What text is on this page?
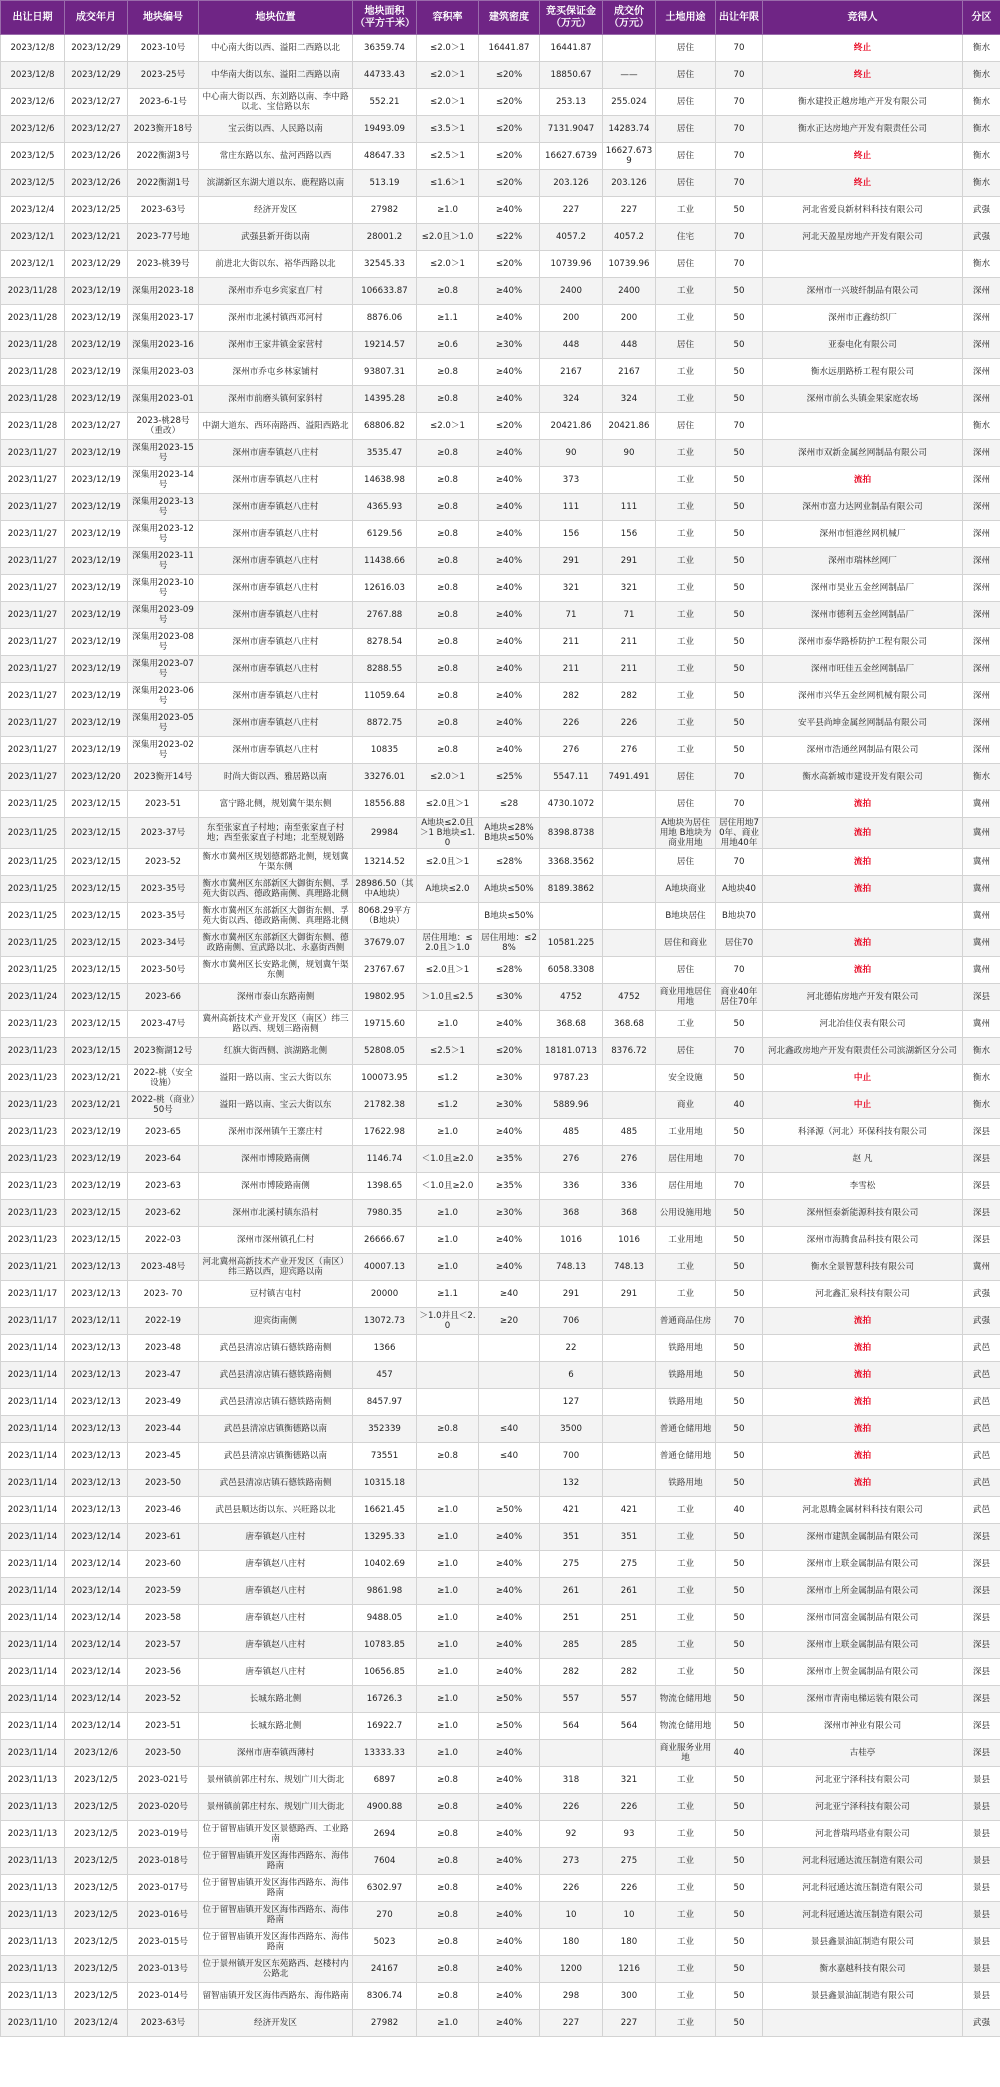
出让日期	成交年月	地块编号	地块位置	地块面积（平方千米）	容积率	建筑密度	竞买保证金（万元）	成交价（万元）	土地用途	出让年限	竞得人	分区
2023/12/8	2023/12/29	2023-10号	中心南大街以西、溢阳二西路以北	36359.74	≤2.0＞1	16441.87	16441.87		居住	70	终止	衡水
2023/12/8	2023/12/29	2023-25号	中华南大街以东、溢阳二西路以南	44733.43	≤2.0＞1	≤20%	18850.67	——	居住	70	终止	衡水
2023/12/6	2023/12/27	2023-6-1号	中心南大街以西、东刘路以南、李中路以北、宝信路以东	552.21	≤2.0＞1	≤20%	253.13	255.024	居住	70	衡水建投正越房地产开发有限公司	衡水
2023/12/6	2023/12/27	2023衡开18号	宝云街以西、人民路以南	19493.09	≤3.5＞1	≤20%	7131.9047	14283.74	居住	70	衡水正达房地产开发有限责任公司	衡水
2023/12/5	2023/12/26	2022衡湖3号	常庄东路以东、盐河西路以西	48647.33	≤2.5＞1	≤20%	16627.6739	16627.6739	居住	70	终止	衡水
2023/12/5	2023/12/26	2022衡湖1号	滨湖新区东湖大道以东、鹿程路以南	513.19	≤1.6＞1	≤20%	203.126	203.126	居住	70	终止	衡水
2023/12/4	2023/12/25	2023-63号	经济开发区	27982	≥1.0	≥40%	227	227	工业	50	河北省爱良新材料科技有限公司	武强
2023/12/1	2023/12/21	2023-77号地	武强县新开街以南	28001.2	≤2.0且＞1.0	≤22%	4057.2	4057.2	住宅	70	河北天盈星房地产开发有限公司	武强
2023/12/1	2023/12/29	2023-桃39号	前进北大街以东、裕华西路以北	32545.33	≤2.0＞1	≤20%	10739.96	10739.96	居住	70		衡水
2023/11/28	2023/12/19	深集用2023-18	深州市乔屯乡宾家直厂村	106633.87	≥0.8	≥40%	2400	2400	工业	50	深州市一兴玻纤制品有限公司	深州
2023/11/28	2023/12/19	深集用2023-17	深州市北溪村镇西邓河村	8876.06	≥1.1	≥40%	200	200	工业	50	深州市正鑫纺织厂	深州
2023/11/28	2023/12/19	深集用2023-16	深州市王家井镇金家营村	19214.57	≥0.6	≥30%	448	448	居住	50	亚泰电化有限公司	深州
2023/11/28	2023/12/19	深集用2023-03	深州市乔屯乡林家铺村	93807.31	≥0.8	≥40%	2167	2167	工业	50	衡水远朋路桥工程有限公司	深州
2023/11/28	2023/12/19	深集用2023-01	深州市前磨头镇何家斜村	14395.28	≥0.8	≥40%	324	324	工业	50	深州市前么头镇金果家庭农场	深州
2023/11/28	2023/12/27	2023-桃28号（重改）	中湖大道东、西环南路西、溢阳西路北	68806.82	≤2.0＞1	≤20%	20421.86	20421.86	居住	70		衡水
2023/11/27	2023/12/19	深集用2023-15号	深州市唐奉镇赵八庄村	3535.47	≥0.8	≥40%	90	90	工业	50	深州市双新金属丝网制品有限公司	深州
2023/11/27	2023/12/19	深集用2023-14号	深州市唐奉镇赵八庄村	14638.98	≥0.8	≥40%	373		工业	50	流拍	深州
2023/11/27	2023/12/19	深集用2023-13号	深州市唐奉镇赵八庄村	4365.93	≥0.8	≥40%	111	111	工业	50	深州市富力达网业制品有限公司	深州
2023/11/27	2023/12/19	深集用2023-12号	深州市唐奉镇赵八庄村	6129.56	≥0.8	≥40%	156	156	工业	50	深州市恒港丝网机械厂	深州
2023/11/27	2023/12/19	深集用2023-11号	深州市唐奉镇赵八庄村	11438.66	≥0.8	≥40%	291	291	工业	50	深州市瑞林丝网厂	深州
2023/11/27	2023/12/19	深集用2023-10号	深州市唐奉镇赵八庄村	12616.03	≥0.8	≥40%	321	321	工业	50	深州市昊业五金丝网制品厂	深州
2023/11/27	2023/12/19	深集用2023-09号	深州市唐奉镇赵八庄村	2767.88	≥0.8	≥40%	71	71	工业	50	深州市德利五金丝网制品厂	深州
2023/11/27	2023/12/19	深集用2023-08号	深州市唐奉镇赵八庄村	8278.54	≥0.8	≥40%	211	211	工业	50	深州市泰华路桥防护工程有限公司	深州
2023/11/27	2023/12/19	深集用2023-07号	深州市唐奉镇赵八庄村	8288.55	≥0.8	≥40%	211	211	工业	50	深州市旺佳五金丝网制品厂	深州
2023/11/27	2023/12/19	深集用2023-06号	深州市唐奉镇赵八庄村	11059.64	≥0.8	≥40%	282	282	工业	50	深州市兴华五金丝网机械有限公司	深州
2023/11/27	2023/12/19	深集用2023-05号	深州市唐奉镇赵八庄村	8872.75	≥0.8	≥40%	226	226	工业	50	安平县尚坤金属丝网制品有限公司	深州
2023/11/27	2023/12/19	深集用2023-02号	深州市唐奉镇赵八庄村	10835	≥0.8	≥40%	276	276	工业	50	深州市浩通丝网制品有限公司	深州
2023/11/27	2023/12/20	2023衡开14号	时尚大街以西、雅居路以南	33276.01	≤2.0＞1	≤25%	5547.11	7491.491	居住	70	衡水高新城市建设开发有限公司	衡水
2023/11/25	2023/12/15	2023-51	富宁路北侧，规划冀午渠东侧	18556.88	≤2.0且＞1	≤28	4730.1072		居住	70	流拍	冀州
2023/11/25	2023/12/15	2023-37号	东至张家直子村地；南至张家直子村地；西至张家直子村地；北至规划路	29984	A地块≤2.0且＞1 B地块≤1.0	A地块≤28% B地块≤50%	8398.8738		A地块为居住用地 B地块为商业用地	居住用地70年、商业用地40年	流拍	冀州
2023/11/25	2023/12/15	2023-52	衡水市冀州区规划德都路北侧，规划冀午渠东侧	13214.52	≤2.0且＞1	≤28%	3368.3562		居住	70	流拍	冀州
2023/11/25	2023/12/15	2023-35号	衡水市冀州区东部新区大御街东侧、孚苑大街以西、德政路南侧、真理路北侧	28986.50（其中A地块）	A地块≤2.0	A地块≤50%	8189.3862		A地块商业	A地块40	流拍	冀州
2023/11/25	2023/12/15	2023-35号	衡水市冀州区东部新区大御街东侧、孚苑大街以西、德政路南侧、真理路北侧	8068.29平方（B地块）		B地块≤50%			B地块居住	B地块70		冀州
2023/11/25	2023/12/15	2023-34号	衡水市冀州区东部新区大御街东侧、德政路南侧、宣武路以北、永嘉街西侧	37679.07	居住用地：≤2.0且＞1.0	居住用地：≤28%	10581.225		居住和商业	居住70	流拍	冀州
2023/11/25	2023/12/15	2023-50号	衡水市冀州区长安路北侧，规划冀午渠东侧	23767.67	≤2.0且＞1	≤28%	6058.3308		居住	70	流拍	冀州
2023/11/24	2023/12/15	2023-66	深州市泰山东路南侧	19802.95	＞1.0且≤2.5	≤30%	4752	4752	商业用地居住用地	商业40年居住70年	河北德佑房地产开发有限公司	深县
2023/11/23	2023/12/15	2023-47号	冀州高新技术产业开发区（南区）纬三路以西、规划三路南侧	19715.60	≥1.0	≥40%	368.68	368.68	工业	50	河北冶佳仪表有限公司	冀州
2023/11/23	2023/12/15	2023衡湖12号	红旗大街西侧、滨湖路北侧	52808.05	≤2.5＞1	≤20%	18181.0713	8376.72	居住	70	河北鑫政房地产开发有限责任公司滨湖新区分公司	衡水
2023/11/23	2023/12/21	2022-桃（安全设施）	溢阳一路以南、宝云大街以东	100073.95	≤1.2	≥30%	9787.23		安全设施	50	中止	衡水
2023/11/23	2023/12/21	2022-桃（商业）50号	溢阳一路以南、宝云大街以东	21782.38	≤1.2	≥30%	5889.96		商业	40	中止	衡水
2023/11/23	2023/12/19	2023-65	深州市深州镇午王寨庄村	17622.98	≥1.0	≥40%	485	485	工业用地	50	科泽源（河北）环保科技有限公司	深县
2023/11/23	2023/12/19	2023-64	深州市博陵路南侧	1146.74	＜1.0且≥2.0	≥35%	276	276	居住用地	70	赵 凡	深县
2023/11/23	2023/12/19	2023-63	深州市博陵路南侧	1398.65	＜1.0且≥2.0	≥35%	336	336	居住用地	70	李雪松	深县
2023/11/23	2023/12/15	2023-62	深州市北溪村镇东沿村	7980.35	≥1.0	≥30%	368	368	公用设施用地	50	深州恒泰新能源科技有限公司	深县
2023/11/23	2023/12/15	2022-03	深州市深州镇孔仁村	26666.67	≥1.0	≥40%	1016	1016	工业用地	50	深州市海腾食品科技有限公司	深县
2023/11/21	2023/12/13	2023-48号	河北冀州高新技术产业开发区（南区）纬三路以西，迎宾路以南	40007.13	≥1.0	≥40%	748.13	748.13	工业	50	衡水全景智慧科技有限公司	冀州
2023/11/17	2023/12/13	2023- 70	豆村镇吉屯村	20000	≥1.1	≥40	291	291	工业	50	河北鑫汇泉科技有限公司	武强
2023/11/17	2023/12/11	2022-19	迎宾街南侧	13072.73	＞1.0并且＜2.0	≥20	706		普通商品住房	70	流拍	武强
2023/11/14	2023/12/13	2023-48	武邑县清凉店镇石德铁路南侧	1366			22		铁路用地	50	流拍	武邑
2023/11/14	2023/12/13	2023-47	武邑县清凉店镇石德铁路南侧	457			6		铁路用地	50	流拍	武邑
2023/11/14	2023/12/13	2023-49	武邑县清凉店镇石德铁路南侧	8457.97			127		铁路用地	50	流拍	武邑
2023/11/14	2023/12/13	2023-44	武邑县清凉店镇衡德路以南	352339	≥0.8	≤40	3500		普通仓储用地	50	流拍	武邑
2023/11/14	2023/12/13	2023-45	武邑县清凉店镇衡德路以南	73551	≥0.8	≤40	700		普通仓储用地	50	流拍	武邑
2023/11/14	2023/12/13	2023-50	武邑县清凉店镇石德铁路南侧	10315.18			132		铁路用地	50	流拍	武邑
2023/11/14	2023/12/13	2023-46	武邑县顺达街以东、兴旺路以北	16621.45	≥1.0	≥50%	421	421	工业	40	河北恩腾金属材料科技有限公司	武邑
2023/11/14	2023/12/14	2023-61	唐奉镇赵八庄村	13295.33	≥1.0	≥40%	351	351	工业	50	深州市建凯金属制品有限公司	深县
2023/11/14	2023/12/14	2023-60	唐奉镇赵八庄村	10402.69	≥1.0	≥40%	275	275	工业	50	深州市上联金属制品有限公司	深县
2023/11/14	2023/12/14	2023-59	唐奉镇赵八庄村	9861.98	≥1.0	≥40%	261	261	工业	50	深州市上所金属制品有限公司	深县
2023/11/14	2023/12/14	2023-58	唐奉镇赵八庄村	9488.05	≥1.0	≥40%	251	251	工业	50	深州市同富金属制品有限公司	深县
2023/11/14	2023/12/14	2023-57	唐奉镇赵八庄村	10783.85	≥1.0	≥40%	285	285	工业	50	深州市上联金属制品有限公司	深县
2023/11/14	2023/12/14	2023-56	唐奉镇赵八庄村	10656.85	≥1.0	≥40%	282	282	工业	50	深州市上贺金属制品有限公司	深县
2023/11/14	2023/12/14	2023-52	长城东路北侧	16726.3	≥1.0	≥50%	557	557	物流仓储用地	50	深州市青南电梯运装有限公司	深县
2023/11/14	2023/12/14	2023-51	长城东路北侧	16922.7	≥1.0	≥50%	564	564	物流仓储用地	50	深州市神业有限公司	深县
2023/11/14	2023/12/6	2023-50	深州市唐奉镇西薄村	13333.33	≥1.0	≥40%			商业服务业用地	40	古桂亭	深县
2023/11/13	2023/12/5	2023-021号	景州镇前郭庄村东、规划广川大街北	6897	≥0.8	≥40%	318	321	工业	50	河北亚宁泽科技有限公司	景县
2023/11/13	2023/12/5	2023-020号	景州镇前郭庄村东、规划广川大街北	4900.88	≥0.8	≥40%	226	226	工业	50	河北亚宁泽科技有限公司	景县
2023/11/13	2023/12/5	2023-019号	位于留智庙镇开发区景德路西、工业路南	2694	≥0.8	≥40%	92	93	工业	50	河北普瑞玛塔业有限公司	景县
2023/11/13	2023/12/5	2023-018号	位于留智庙镇开发区海伟西路东、海伟路南	7604	≥0.8	≥40%	273	275	工业	50	河北科冠通达流压制造有限公司	景县
2023/11/13	2023/12/5	2023-017号	位于留智庙镇开发区海伟西路东、海伟路南	6302.97	≥0.8	≥40%	226	226	工业	50	河北科冠通达流压制造有限公司	景县
2023/11/13	2023/12/5	2023-016号	位于留智庙镇开发区海伟西路东、海伟路南	270	≥0.8	≥40%	10	10	工业	50	河北科冠通达流压制造有限公司	景县
2023/11/13	2023/12/5	2023-015号	位于留智庙镇开发区海伟西路东、海伟路南	5023	≥0.8	≥40%	180	180	工业	50	景县鑫景油缸制造有限公司	景县
2023/11/13	2023/12/5	2023-013号	位于景州镇开发区东苑路西、赵楼村内公路北	24167	≥0.8	≥40%	1200	1216	工业	50	衡水嘉越科技有限公司	景县
2023/11/13	2023/12/5	2023-014号	留智庙镇开发区海伟西路东、海伟路南	8306.74	≥0.8	≥40%	298	300	工业	50	景县鑫景油缸制造有限公司	景县
2023/11/10	2023/12/4	2023-63号	经济开发区	27982	≥1.0	≥40%	227	227	工业	50		武强
